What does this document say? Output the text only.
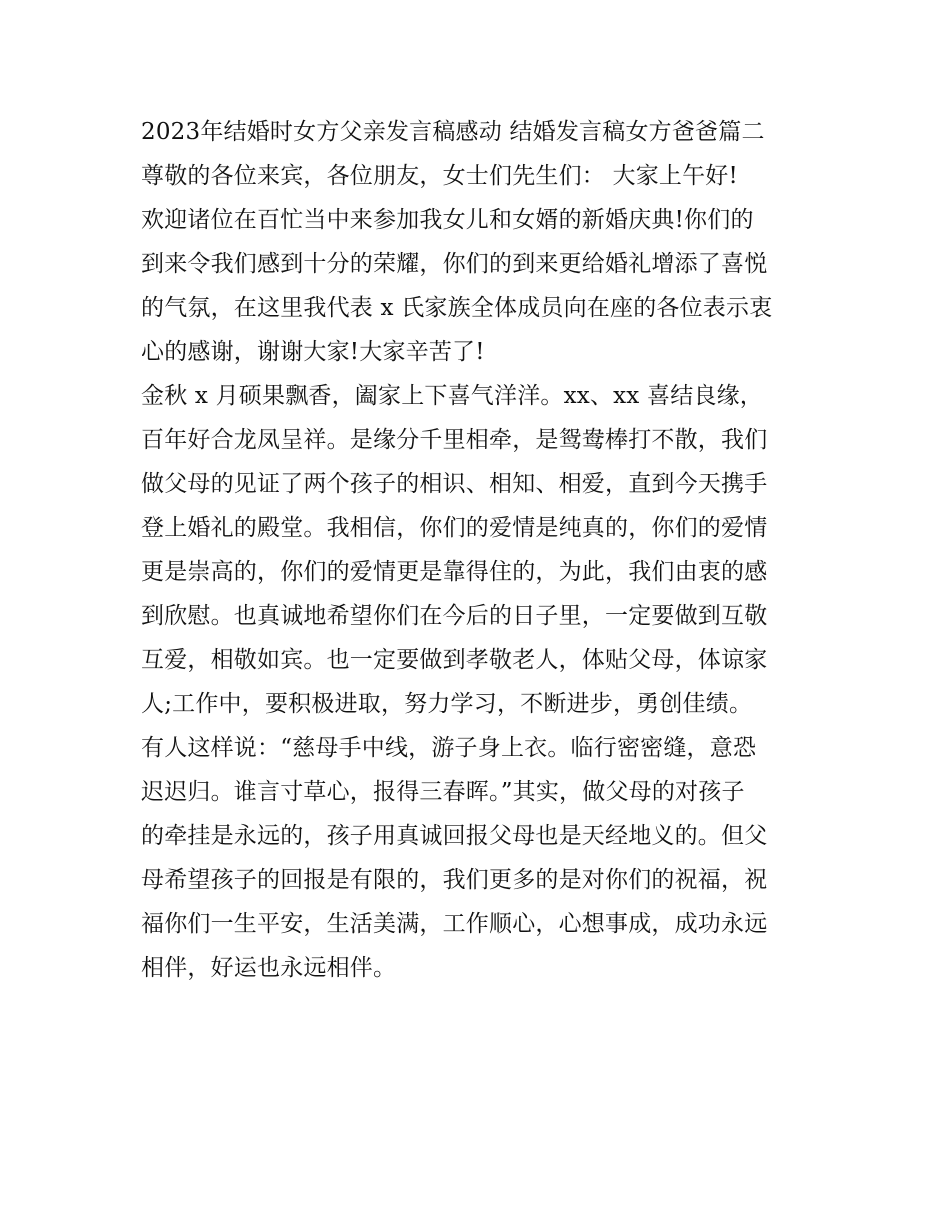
2023年结婚时女方父亲发言稿感动 结婚发言稿女方爸爸篇二
尊敬的各位来宾，各位朋友，女士们先生们： 大家上午好!
欢迎诸位在百忙当中来参加我女儿和女婿的新婚庆典!你们的
到来令我们感到十分的荣耀，你们的到来更给婚礼增添了喜悦
的气氛，在这里我代表 x 氏家族全体成员向在座的各位表示衷
心的感谢，谢谢大家!大家辛苦了!
金秋 x 月硕果飘香，阖家上下喜气洋洋。xx、xx 喜结良缘，
百年好合龙凤呈祥。是缘分千里相牵，是鸳鸯棒打不散，我们
做父母的见证了两个孩子的相识、相知、相爱，直到今天携手
登上婚礼的殿堂。我相信，你们的爱情是纯真的，你们的爱情
更是崇高的，你们的爱情更是靠得住的，为此，我们由衷的感
到欣慰。也真诚地希望你们在今后的日子里，一定要做到互敬
互爱，相敬如宾。也一定要做到孝敬老人，体贴父母，体谅家
人;工作中，要积极进取，努力学习，不断进步，勇创佳绩。
有人这样说：“慈母手中线，游子身上衣。临行密密缝，意恐
迟迟归。谁言寸草心，报得三春晖。”其实，做父母的对孩子
的牵挂是永远的，孩子用真诚回报父母也是天经地义的。但父
母希望孩子的回报是有限的，我们更多的是对你们的祝福，祝
福你们一生平安，生活美满，工作顺心，心想事成，成功永远
相伴，好运也永远相伴。
